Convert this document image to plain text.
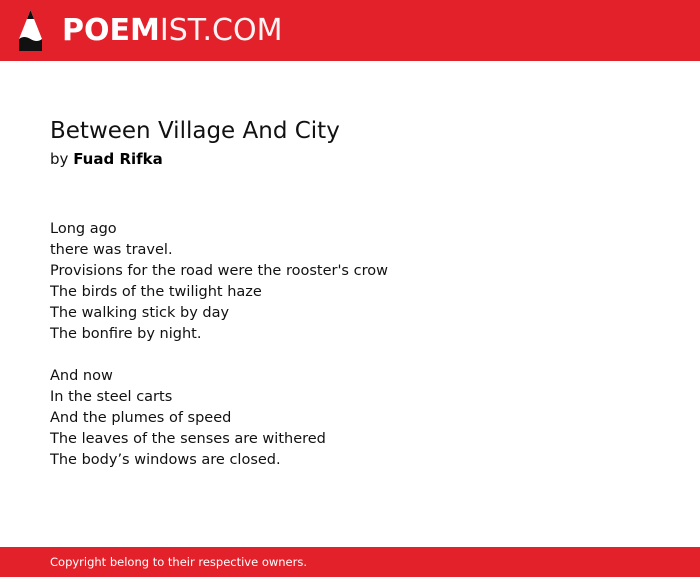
POEMIST.COM
Between Village And City
by Fuad Rifka
Long ago
there was travel.
Provisions for the road were the rooster's crow
The birds of the twilight haze
The walking stick by day
The bonfire by night.
And now
In the steel carts
And the plumes of speed
The leaves of the senses are withered
The body’s windows are closed.
Copyright belong to their respective owners.
